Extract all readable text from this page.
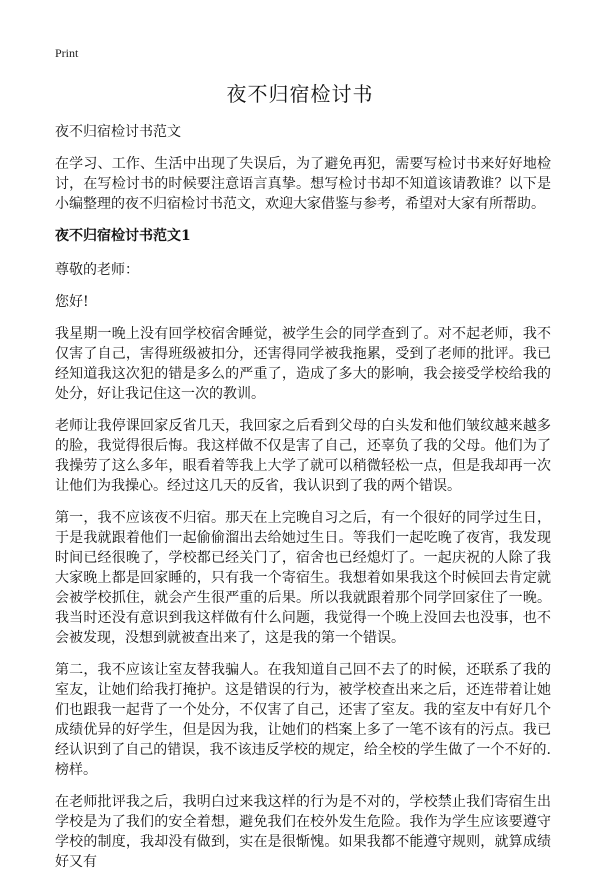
Print
夜不归宿检讨书

夜不归宿检讨书范文

在学习、工作、生活中出现了失误后，为了避免再犯，需要写检讨书来好好地检讨，在写检讨书的时候要注意语言真挚。想写检讨书却不知道该请教谁？以下是小编整理的夜不归宿检讨书范文，欢迎大家借鉴与参考，希望对大家有所帮助。

夜不归宿检讨书范文1

尊敬的老师：

您好!

我星期一晚上没有回学校宿舍睡觉，被学生会的同学查到了。对不起老师，我不仅害了自己，害得班级被扣分，还害得同学被我拖累，受到了老师的批评。我已经知道我这次犯的错是多么的严重了，造成了多大的影响，我会接受学校给我的处分，好让我记住这一次的教训。

老师让我停课回家反省几天，我回家之后看到父母的白头发和他们皱纹越来越多的脸，我觉得很后悔。我这样做不仅是害了自己，还辜负了我的父母。他们为了我操劳了这么多年，眼看着等我上大学了就可以稍微轻松一点，但是我却再一次让他们为我操心。经过这几天的反省，我认识到了我的两个错误。

第一，我不应该夜不归宿。那天在上完晚自习之后，有一个很好的同学过生日，于是我就跟着他们一起偷偷溜出去给她过生日。等我们一起吃晚了夜宵，我发现时间已经很晚了，学校都已经关门了，宿舍也已经熄灯了。一起庆祝的人除了我大家晚上都是回家睡的，只有我一个寄宿生。我想着如果我这个时候回去肯定就会被学校抓住，就会产生很严重的后果。所以我就跟着那个同学回家住了一晚。我当时还没有意识到我这样做有什么问题，我觉得一个晚上没回去也没事，也不会被发现，没想到就被查出来了，这是我的第一个错误。

第二，我不应该让室友替我骗人。在我知道自己回不去了的时候，还联系了我的室友，让她们给我打掩护。这是错误的行为，被学校查出来之后，还连带着让她们也跟我一起背了一个处分，不仅害了自己，还害了室友。我的室友中有好几个成绩优异的好学生，但是因为我，让她们的档案上多了一笔不该有的污点。我已经认识到了自己的错误，我不该违反学校的规定，给全校的学生做了一个不好的.榜样。

在老师批评我之后，我明白过来我这样的行为是不对的，学校禁止我们寄宿生出学校是为了我们的安全着想，避免我们在校外发生危险。我作为学生应该要遵守学校的制度，我却没有做到，实在是很惭愧。如果我都不能遵守规则，就算成绩好又有
